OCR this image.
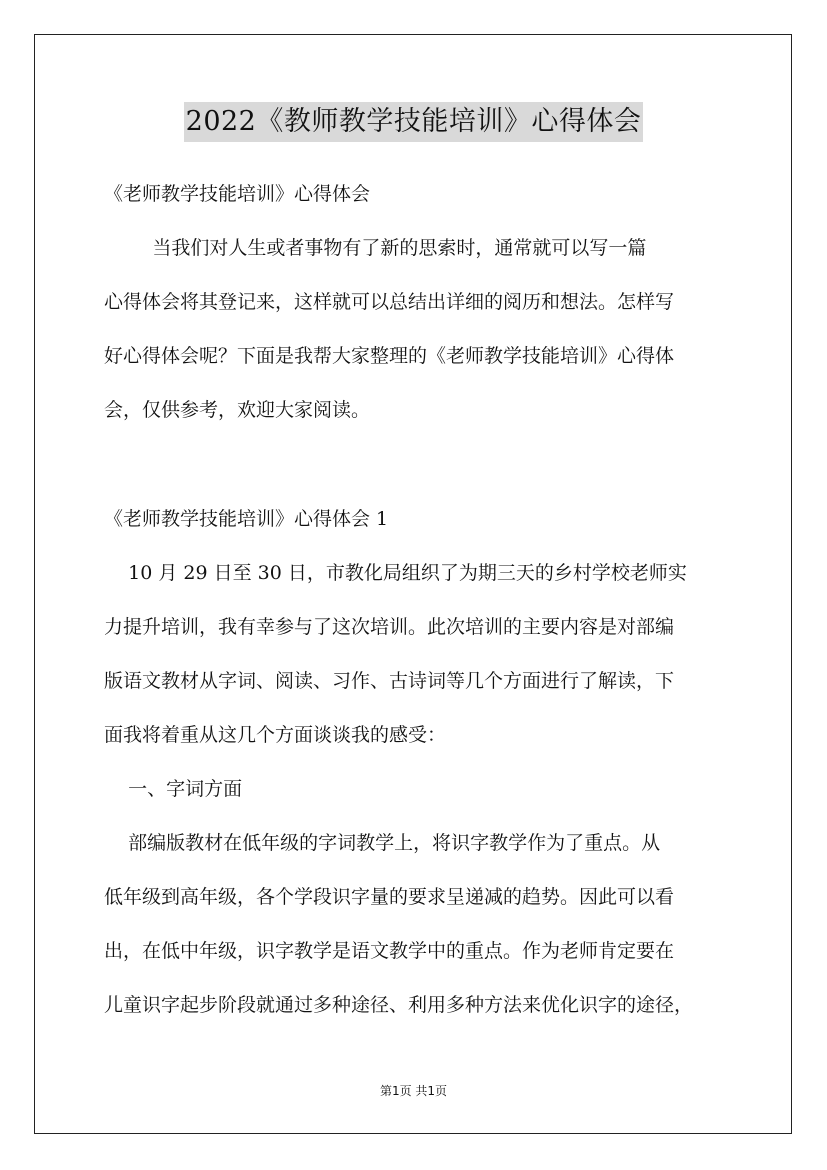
2022《教师教学技能培训》心得体会

《老师教学技能培训》心得体会

当我们对人生或者事物有了新的思索时，通常就可以写一篇

心得体会将其登记来，这样就可以总结出详细的阅历和想法。怎样写

好心得体会呢？下面是我帮大家整理的《老师教学技能培训》心得体

会，仅供参考，欢迎大家阅读。

《老师教学技能培训》心得体会 1

10 月 29 日至 30 日，市教化局组织了为期三天的乡村学校老师实

力提升培训，我有幸参与了这次培训。此次培训的主要内容是对部编

版语文教材从字词、阅读、习作、古诗词等几个方面进行了解读，下

面我将着重从这几个方面谈谈我的感受：

一、字词方面

部编版教材在低年级的字词教学上，将识字教学作为了重点。从

低年级到高年级，各个学段识字量的要求呈递减的趋势。因此可以看

出，在低中年级，识字教学是语文教学中的重点。作为老师肯定要在

儿童识字起步阶段就通过多种途径、利用多种方法来优化识字的途径，

第1页 共1页
